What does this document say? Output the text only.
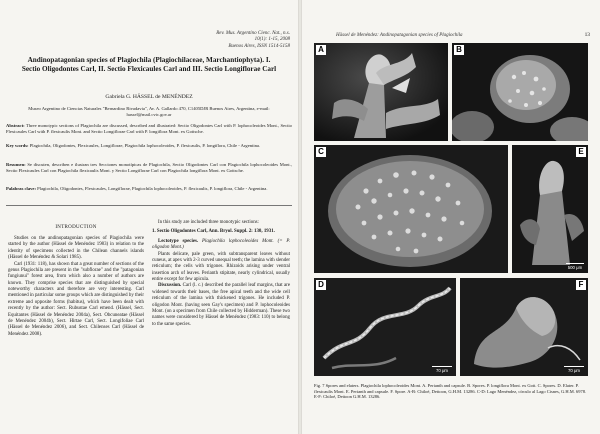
Rev. Mus. Argentino Cienc. Nat., n.s.
10(1): 1-15, 2008
Buenos Aires, ISSN 1514-5158
Andinopatagonian species of Plagiochila (Plagiochilaceae, Marchantiophyta). I. Sectio Oligodontes Carl, II. Sectio Flexicaules Carl and III. Sectio Longiflorae Carl
Gabriela G. HÄSSEL de MENÉNDEZ
Museo Argentino de Ciencias Naturales "Bernardino Rivadavia", Av. A. Gallardo 470, C1405DJR Buenos Aires, Argentina, e-mail: hassel@mail.cvtc.gov.ar
Abstract: Three monotypic sections of Plagiochila are discussed, described and illustrated: Sectio Oligodontes Carl with P. lophocoleoides Mont., Sectio Flexicaules Carl with P. flexicaulis Mont. and Sectio Longiflorae Carl with P. longiflora Mont. ex Gottsche.
Key words: Plagiochila, Oligodontes, Flexicaules, Longiflorae, Plagiochila lophocoleoides, P. flexicaulis, P. longiflora, Chile - Argentina.
Resumen: Se discuten, describen e ilustran tres Secciones monotípicas de Plagiochila, Sectio Oligodontes Carl con Plagiochila lophocoleoides Mont., Sectio Flexicaules Carl con Plagiochila flexicaulis Mont. y Sectio Longiflorae Carl con Plagiochila longiflora Mont. ex Gottsche.
Palabras clave: Plagiochila, Oligodontes, Flexicaules, Longiflorae, Plagiochila lophocoleoides, P. flexicaulis, P. longiflora, Chile - Argentina.
INTRODUCTION

Studies on the andinopatagonian species of Plagiochila were started by the author (Hässel de Menéndez 1983) in relation to the identity of specimens collected in the Chilean channels islands (Hässel de Menéndez & Solari 1985).

Carl (1931: 118), has shown that a great number of sections of the genus Plagiochila are present in the "subflorae" and the "patagonian fungiunui" forest area, from which also a number of authors are known. They comprise species that are distinguished by special noteworthy characters and therefore are very interesting. Carl mentioned in particular some groups which are distinguished by their extreme and opposite forms (habitus), which have been dealt with recently by the author: Sect. Rubustae Carl emend. (Hässel, Sect. Equitantes (Hässel de Menéndez 2004a), Sect. Obcuneatae (Hässel de Menéndez 2004b), Sect. Hirtae Carl, Sect. Longifoliae Carl (Hässel de Menéndez 2006), and Sect. Chilenses Carl (Hässel de Menéndez 2008).

In this study are included three monotypic sections:

1. Sectio Oligodontes Carl, Ann. Bryol. Suppl. 2: 130, 1931.

Lectotype species. Plagiochila lophocoleoides Mont. (= P. oligodon Mont.)

Plants delicate, pale green, with subtransparent leaves without cuneus, at apex with 2-3 curved unequal teeth; the lamina with slender reticulum; the cells with trigones. Rhizoids arising under ventral insertion arch of leaves. Perianth stipitate, nearly cylindrical, usually entire except for few apicula.

Discussion. Carl (l. c.) described the parallel leaf margins, that are widened towards their bases, the free apical teeth and the wide cell reticulum of the lamina with thickened trigones. He included P. oligodon Mont. (having seen Gay's specimen) and P. lophocoleoides Mont. (on a specimen from Chile collected by Hidderman). These two names were considered by Hässel de Menéndez (1983: 110) to belong to the same species.

Hässel de Menéndez: Andinopatagonian species of Plagiochila	13
A	B
C	E
500 μm
D
70 μm
F
70 μm
Fig. 7 Spores and elaters. Plagiochila lophocoleoides Mont. A. Perianth and capsule. B. Spores. P. longiflora Mont. ex Gott. C. Spores. D. Elater. P. flexicaulis Mont. E. Perianth and capsule. F. Spore. A-B: Chiloé, Dettoon, G.H.M. 13286. C-D: Lago Menéndez, círculo al Lago Cisnes, G.H.M. 6978. E-F: Chiloé, Dettoon G.H.M. 13286.
